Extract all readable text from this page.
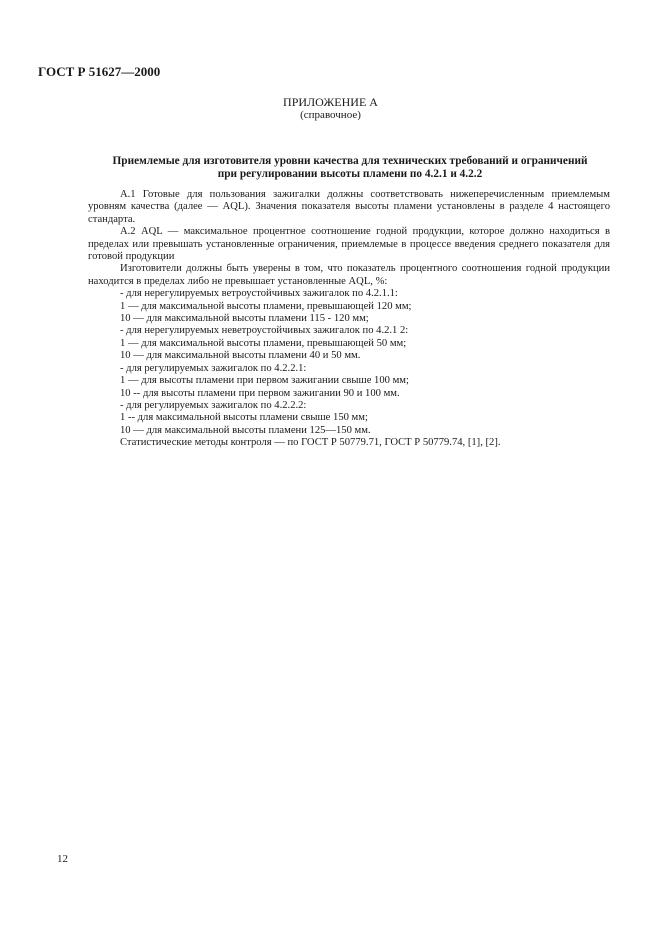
ГОСТ Р 51627—2000
ПРИЛОЖЕНИЕ А
(справочное)
Приемлемые для изготовителя уровни качества для технических требований и ограничений
при регулировании высоты пламени по 4.2.1 и 4.2.2

A.1 Готовые для пользования зажигалки должны соответствовать нижеперечисленным приемлемым уровням качества (далее — AQL). Значения показателя высоты пламени установлены в разделе 4 настоящего стандарта.

А.2 AQL — максимальное процентное соотношение годной продукции, которое должно находиться в пределах или превышать установленные ограничения, приемлемые в процессе введения среднего показателя для готовой продукции

Изготовители должны быть уверены в том, что показатель процентного соотношения годной продукции находится в пределах либо не превышает установленные AQL, %:

- для нерегулируемых ветроустойчивых зажигалок по 4.2.1.1:

1 — для максимальной высоты пламени, превышающей 120 мм;

10 — для максимальной высоты пламени 115 - 120 мм;

- для нерегулируемых неветроустойчивых зажигалок по 4.2.1 2:

1 — для максимальной высоты пламени, превышающей 50 мм;

10 — для максимальной высоты пламени 40 и 50 мм.

- для регулируемых зажигалок по 4.2.2.1:

1 — для высоты пламени при первом зажигании свыше 100 мм;

10 -- для высоты пламени при первом зажигании 90 и 100 мм.

- для регулируемых зажигалок по 4.2.2.2:

1 -- для максимальной высоты пламени свыше 150 мм;

10 — для максимальной высоты пламени 125—150 мм.

Статистические методы контроля — по ГОСТ Р 50779.71, ГОСТ Р 50779.74, [1], [2].

12
